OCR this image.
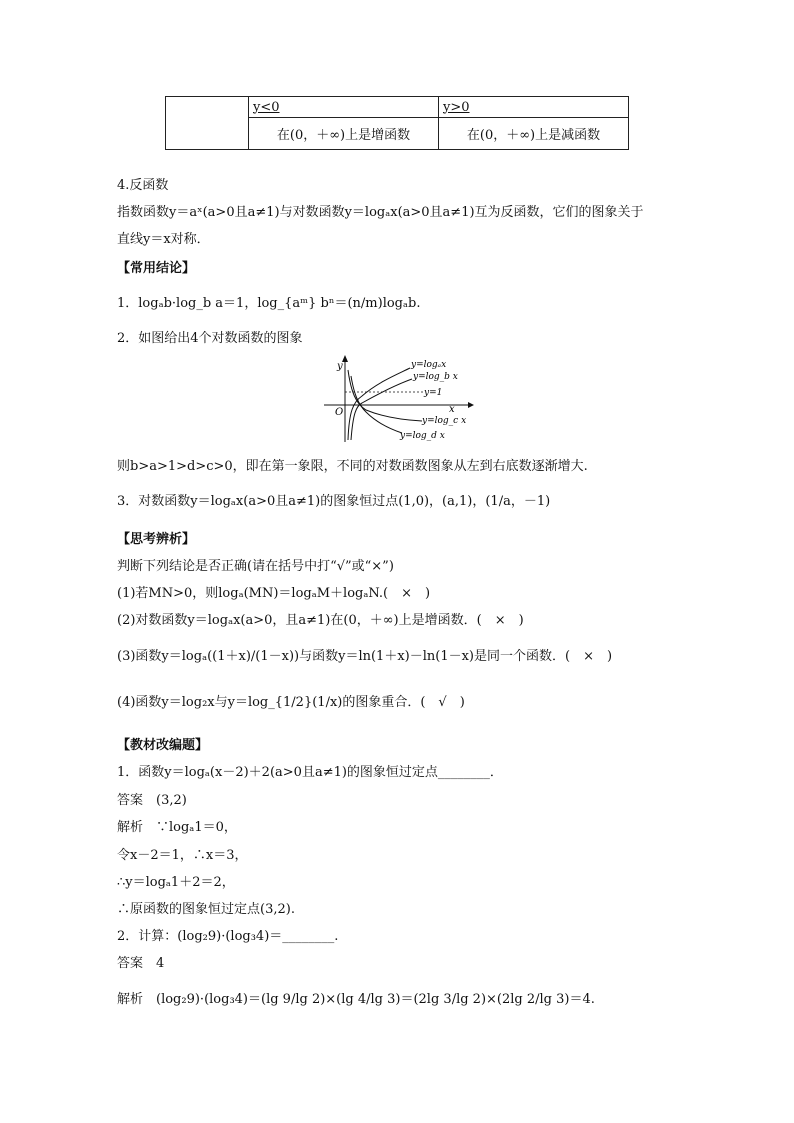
	y<0	y>0
	在(0，＋∞)上是增函数	在(0，＋∞)上是减函数
4.反函数
指数函数y＝aˣ(a>0且a≠1)与对数函数y＝logₐx(a>0且a≠1)互为反函数，它们的图象关于
直线y＝x对称．
【常用结论】
1．logₐb·log_b a＝1，log_{aᵐ} bⁿ＝(n/m)logₐb.
2．如图给出4个对数函数的图象
y=logₐx
y=log_b x
y=1
y=log_c x
y=log_d x
y
x
O
则b>a>1>d>c>0，即在第一象限，不同的对数函数图象从左到右底数逐渐增大.
3．对数函数y＝logₐx(a>0且a≠1)的图象恒过点(1,0)，(a,1)，(1/a，－1)
【思考辨析】
判断下列结论是否正确(请在括号中打“√”或“×”)
(1)若MN>0，则logₐ(MN)＝logₐM＋logₐN.(　×　)
(2)对数函数y＝logₐx(a>0，且a≠1)在(0，＋∞)上是增函数．(　×　)
(3)函数y＝logₐ((1＋x)/(1－x))与函数y＝ln(1＋x)－ln(1－x)是同一个函数．(　×　)
(4)函数y＝log₂x与y＝log_{1/2}(1/x)的图象重合．(　√　)
【教材改编题】
1．函数y＝logₐ(x－2)＋2(a>0且a≠1)的图象恒过定点________．
答案　(3,2)
解析　∵logₐ1＝0，
令x－2＝1，∴x＝3，
∴y＝logₐ1＋2＝2，
∴原函数的图象恒过定点(3,2).
2．计算：(log₂9)·(log₃4)＝________.
答案　4
解析　(log₂9)·(log₃4)＝(lg 9/lg 2)×(lg 4/lg 3)＝(2lg 3/lg 2)×(2lg 2/lg 3)＝4.
